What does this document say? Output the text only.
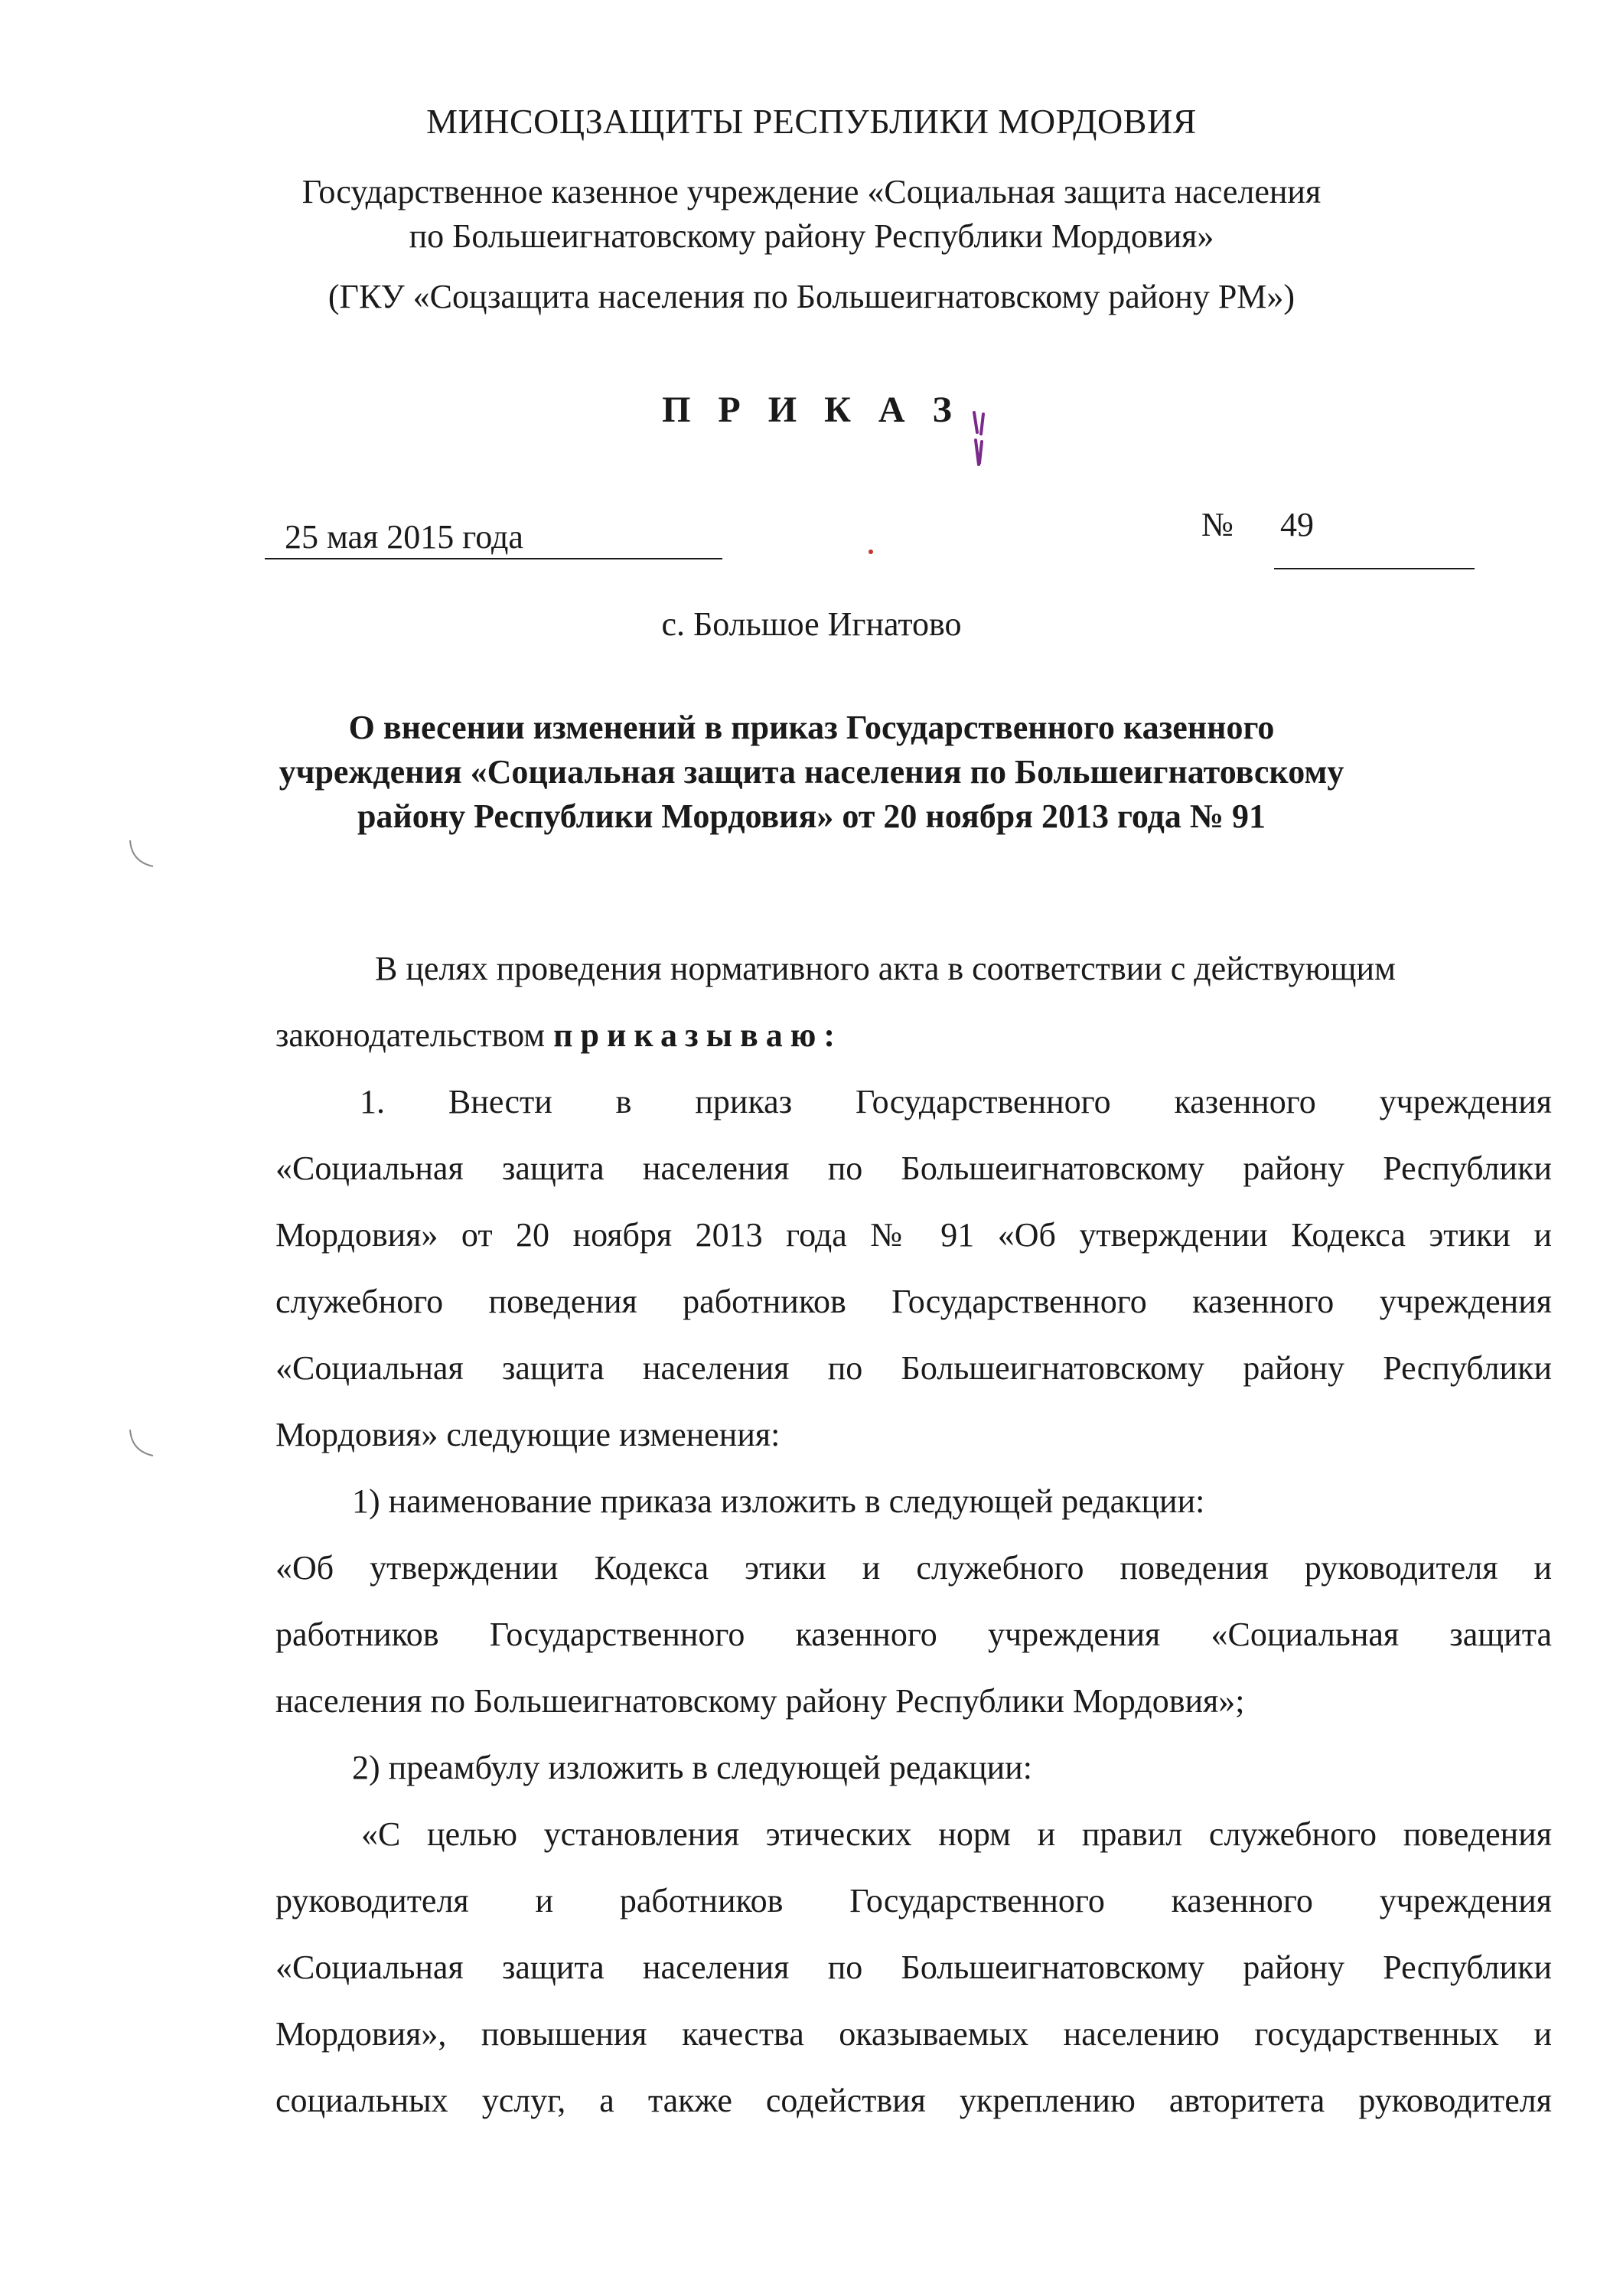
МИНСОЦЗАЩИТЫ РЕСПУБЛИКИ МОРДОВИЯ
Государственное казенное учреждение «Социальная защита населения
по Большеигнатовскому району Республики Мордовия»
(ГКУ «Соцзащита населения по Большеигнатовскому району РМ»)
П Р И К А З
25 мая 2015 года	№ 49
с. Большое Игнатово
О внесении изменений в приказ Государственного казенного
учреждения «Социальная защита населения по Большеигнатовскому
району Республики Мордовия» от 20 ноября 2013 года № 91
В целях проведения нормативного акта в соответствии с действующим
законодательством приказываю:
1. Внести в приказ Государственного казенного учреждения
«Социальная защита населения по Большеигнатовскому району Республики
Мордовия» от 20 ноября 2013 года № 91 «Об утверждении Кодекса этики и
служебного поведения работников Государственного казенного учреждения
«Социальная защита населения по Большеигнатовскому району Республики
Мордовия» следующие изменения:
1) наименование приказа изложить в следующей редакции:
«Об утверждении Кодекса этики и служебного поведения руководителя и
работников Государственного казенного учреждения «Социальная защита
населения по Большеигнатовскому району Республики Мордовия»;
2) преамбулу изложить в следующей редакции:
«С целью установления этических норм и правил служебного поведения
руководителя и работников Государственного казенного учреждения
«Социальная защита населения по Большеигнатовскому району Республики
Мордовия», повышения качества оказываемых населению государственных и
социальных услуг, а также содействия укреплению авторитета руководителя
